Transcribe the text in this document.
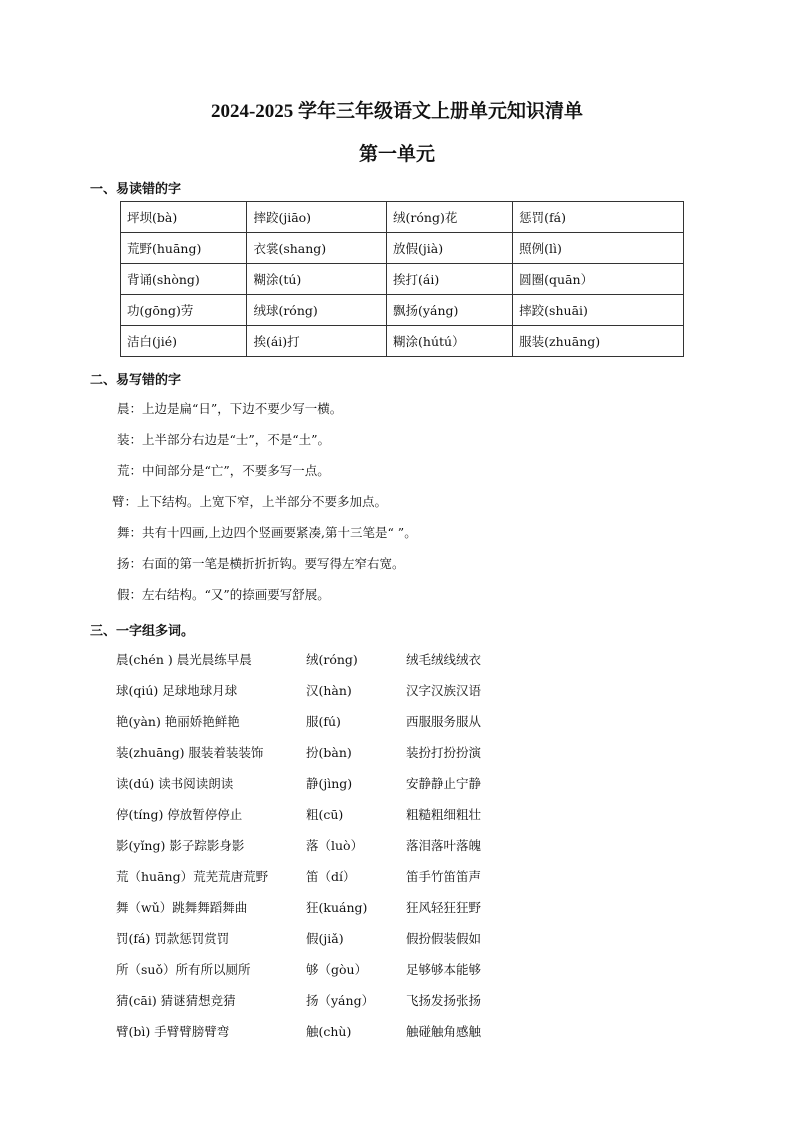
2024-2025 学年三年级语文上册单元知识清单
第一单元
一、易读错的字
坪坝(bà)	摔跤(jiāo)	绒(róng)花	惩罚(fá)
荒野(huāng)	衣裳(shang)	放假(jià)	照例(lì)
背诵(shòng)	糊涂(tú)	挨打(ái)	圆圈(quān）
功(gōng)劳	绒球(róng)	飘扬(yáng)	摔跤(shuāi)
洁白(jié)	挨(ái)打	糊涂(hútú）	服装(zhuāng)
二、易写错的字
晨：上边是扁“日”，下边不要少写一横。
装：上半部分右边是“士”，不是“土”。
荒：中间部分是“亡”，不要多写一点。
臂：上下结构。上宽下窄，上半部分不要多加点。
舞：共有十四画,上边四个竖画要紧凑,第十三笔是“ ”。
扬：右面的第一笔是横折折折钩。要写得左窄右宽。
假：左右结构。“又”的捺画要写舒展。
三、一字组多词。
晨(chén ) 晨光晨练早晨	绒(róng)	绒毛绒线绒衣
球(qiú) 足球地球月球	汉(hàn)	汉字汉族汉语
艳(yàn) 艳丽娇艳鲜艳	服(fú)	西服服务服从
装(zhuāng) 服装着装装饰	扮(bàn)	装扮打扮扮演
读(dú) 读书阅读朗读	静(jìng)	安静静止宁静
停(tíng) 停放暂停停止	粗(cū)	粗糙粗细粗壮
影(yǐng) 影子踪影身影	落（luò）	落泪落叶落魄
荒（huāng）荒芜荒唐荒野	笛（dí）	笛手竹笛笛声
舞（wǔ）跳舞舞蹈舞曲	狂(kuáng)	狂风轻狂狂野
罚(fá) 罚款惩罚赏罚	假(jiǎ)	假扮假装假如
所（suǒ）所有所以厕所	够（gòu）	足够够本能够
猜(cāi) 猜谜猜想竞猜	扬（yáng）	飞扬发扬张扬
臂(bì) 手臂臂膀臂弯	触(chù)	触碰触角感触
